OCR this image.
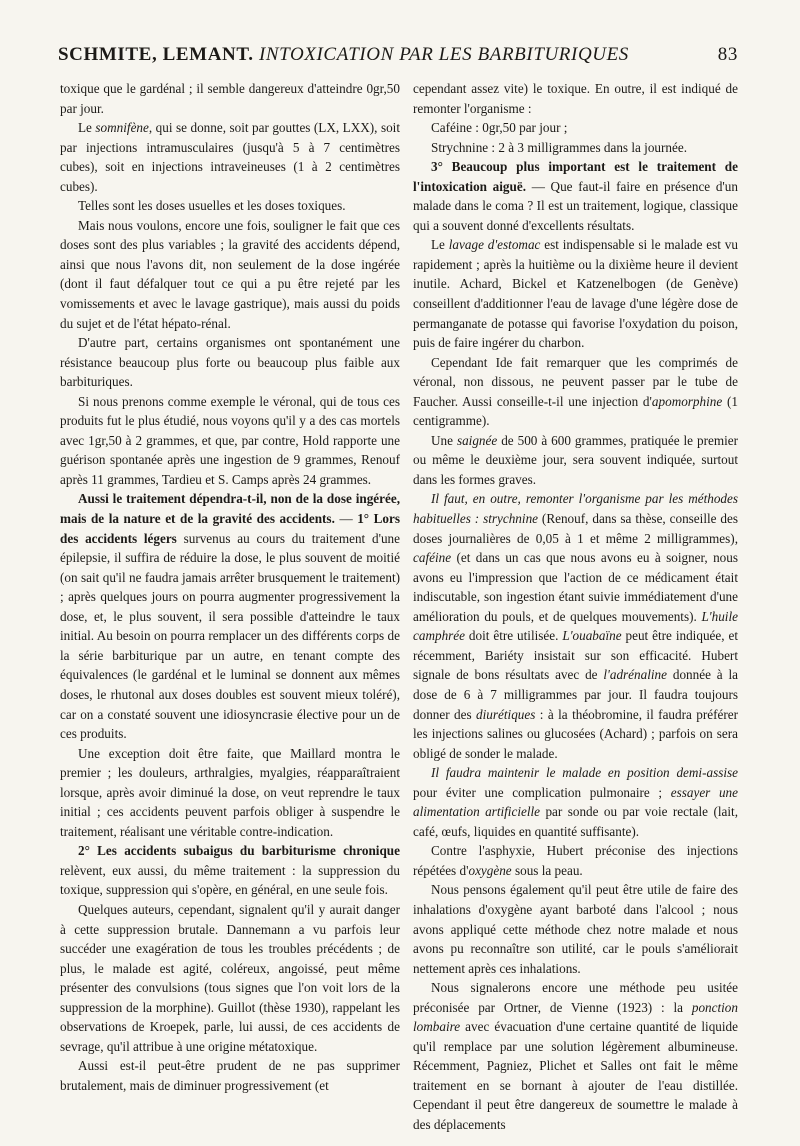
SCHMITE, LEMANT. INTOXICATION PAR LES BARBITURIQUES	83

toxique que le gardénal ; il semble dangereux d'atteindre 0gr,50 par jour.

Le somnifène, qui se donne, soit par gouttes (LX, LXX), soit par injections intramusculaires (jusqu'à 5 à 7 centimètres cubes), soit en injections intraveineuses (1 à 2 centimètres cubes).

Telles sont les doses usuelles et les doses toxiques.

Mais nous voulons, encore une fois, souligner le fait que ces doses sont des plus variables ; la gravité des accidents dépend, ainsi que nous l'avons dit, non seulement de la dose ingérée (dont il faut défalquer tout ce qui a pu être rejeté par les vomissements et avec le lavage gastrique), mais aussi du poids du sujet et de l'état hépato-rénal.

D'autre part, certains organismes ont spontanément une résistance beaucoup plus forte ou beaucoup plus faible aux barbituriques.

Si nous prenons comme exemple le véronal, qui de tous ces produits fut le plus étudié, nous voyons qu'il y a des cas mortels avec 1gr,50 à 2 grammes, et que, par contre, Hold rapporte une guérison spontanée après une ingestion de 9 grammes, Renouf après 11 grammes, Tardieu et S. Camps après 24 grammes.

Aussi le traitement dépendra-t-il, non de la dose ingérée, mais de la nature et de la gravité des accidents. — 1° Lors des accidents légers survenus au cours du traitement d'une épilepsie, il suffira de réduire la dose, le plus souvent de moitié (on sait qu'il ne faudra jamais arrêter brusquement le traitement) ; après quelques jours on pourra augmenter progressivement la dose, et, le plus souvent, il sera possible d'atteindre le taux initial. Au besoin on pourra remplacer un des différents corps de la série barbiturique par un autre, en tenant compte des équivalences (le gardénal et le luminal se donnent aux mêmes doses, le rhutonal aux doses doubles est souvent mieux toléré), car on a constaté souvent une idiosyncrasie élective pour un de ces produits.

Une exception doit être faite, que Maillard montra le premier ; les douleurs, arthralgies, myalgies, réapparaîtraient lorsque, après avoir diminué la dose, on veut reprendre le taux initial ; ces accidents peuvent parfois obliger à suspendre le traitement, réalisant une véritable contre-indication.

2° Les accidents subaigus du barbiturisme chronique relèvent, eux aussi, du même traitement : la suppression du toxique, suppression qui s'opère, en général, en une seule fois.

Quelques auteurs, cependant, signalent qu'il y aurait danger à cette suppression brutale. Dannemann a vu parfois leur succéder une exagération de tous les troubles précédents ; de plus, le malade est agité, coléreux, angoissé, peut même présenter des convulsions (tous signes que l'on voit lors de la suppression de la morphine). Guillot (thèse 1930), rappelant les observations de Kroepek, parle, lui aussi, de ces accidents de sevrage, qu'il attribue à une origine métatoxique.

Aussi est-il peut-être prudent de ne pas supprimer brutalement, mais de diminuer progressivement (et

cependant assez vite) le toxique. En outre, il est indiqué de remonter l'organisme :

Caféine : 0gr,50 par jour ;

Strychnine : 2 à 3 milligrammes dans la journée.

3° Beaucoup plus important est le traitement de l'intoxication aiguë. — Que faut-il faire en présence d'un malade dans le coma ? Il est un traitement, logique, classique qui a souvent donné d'excellents résultats.

Le lavage d'estomac est indispensable si le malade est vu rapidement ; après la huitième ou la dixième heure il devient inutile. Achard, Bickel et Katzenelbogen (de Genève) conseillent d'additionner l'eau de lavage d'une légère dose de permanganate de potasse qui favorise l'oxydation du poison, puis de faire ingérer du charbon.

Cependant Ide fait remarquer que les comprimés de véronal, non dissous, ne peuvent passer par le tube de Faucher. Aussi conseille-t-il une injection d'apomorphine (1 centigramme).

Une saignée de 500 à 600 grammes, pratiquée le premier ou même le deuxième jour, sera souvent indiquée, surtout dans les formes graves.

Il faut, en outre, remonter l'organisme par les méthodes habituelles : strychnine (Renouf, dans sa thèse, conseille des doses journalières de 0,05 à 1 et même 2 milligrammes), caféine (et dans un cas que nous avons eu à soigner, nous avons eu l'impression que l'action de ce médicament était indiscutable, son ingestion étant suivie immédiatement d'une amélioration du pouls, et de quelques mouvements). L'huile camphrée doit être utilisée. L'ouabaïne peut être indiquée, et récemment, Bariéty insistait sur son efficacité. Hubert signale de bons résultats avec de l'adrénaline donnée à la dose de 6 à 7 milligrammes par jour. Il faudra toujours donner des diurétiques : à la théobromine, il faudra préférer les injections salines ou glucosées (Achard) ; parfois on sera obligé de sonder le malade.

Il faudra maintenir le malade en position demi-assise pour éviter une complication pulmonaire ; essayer une alimentation artificielle par sonde ou par voie rectale (lait, café, œufs, liquides en quantité suffisante).

Contre l'asphyxie, Hubert préconise des injections répétées d'oxygène sous la peau.

Nous pensons également qu'il peut être utile de faire des inhalations d'oxygène ayant barboté dans l'alcool ; nous avons appliqué cette méthode chez notre malade et nous avons pu reconnaître son utilité, car le pouls s'améliorait nettement après ces inhalations.

Nous signalerons encore une méthode peu usitée préconisée par Ortner, de Vienne (1923) : la ponction lombaire avec évacuation d'une certaine quantité de liquide qu'il remplace par une solution légèrement albumineuse. Récemment, Pagniez, Plichet et Salles ont fait le même traitement en se bornant à ajouter de l'eau distillée. Cependant il peut être dangereux de soumettre le malade à des déplacements
